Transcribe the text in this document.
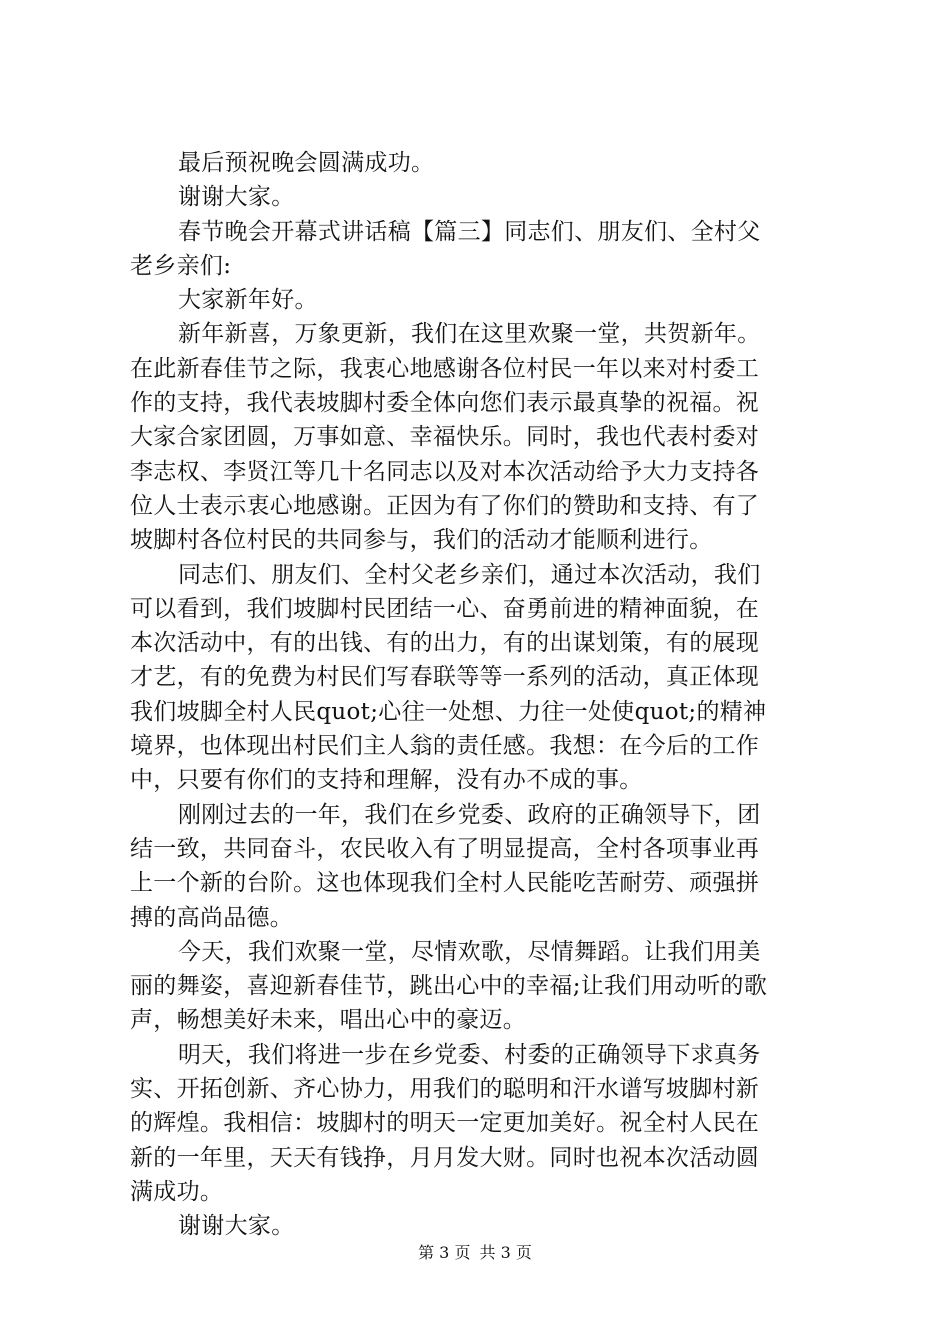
最后预祝晚会圆满成功。
谢谢大家。
春节晚会开幕式讲话稿【篇三】同志们、朋友们、全村父
老乡亲们:
大家新年好。
新年新喜，万象更新，我们在这里欢聚一堂，共贺新年。
在此新春佳节之际，我衷心地感谢各位村民一年以来对村委工
作的支持，我代表坡脚村委全体向您们表示最真挚的祝福。祝
大家合家团圆，万事如意、幸福快乐。同时，我也代表村委对
李志权、李贤江等几十名同志以及对本次活动给予大力支持各
位人士表示衷心地感谢。正因为有了你们的赞助和支持、有了
坡脚村各位村民的共同参与，我们的活动才能顺利进行。
同志们、朋友们、全村父老乡亲们，通过本次活动，我们
可以看到，我们坡脚村民团结一心、奋勇前进的精神面貌，在
本次活动中，有的出钱、有的出力，有的出谋划策，有的展现
才艺，有的免费为村民们写春联等等一系列的活动，真正体现
我们坡脚全村人民quot;心往一处想、力往一处使quot;的精神
境界，也体现出村民们主人翁的责任感。我想：在今后的工作
中，只要有你们的支持和理解，没有办不成的事。
刚刚过去的一年，我们在乡党委、政府的正确领导下，团
结一致，共同奋斗，农民收入有了明显提高，全村各项事业再
上一个新的台阶。这也体现我们全村人民能吃苦耐劳、顽强拼
搏的高尚品德。
今天，我们欢聚一堂，尽情欢歌，尽情舞蹈。让我们用美
丽的舞姿，喜迎新春佳节，跳出心中的幸福;让我们用动听的歌
声，畅想美好未来，唱出心中的豪迈。
明天，我们将进一步在乡党委、村委的正确领导下求真务
实、开拓创新、齐心协力，用我们的聪明和汗水谱写坡脚村新
的辉煌。我相信：坡脚村的明天一定更加美好。祝全村人民在
新的一年里，天天有钱挣，月月发大财。同时也祝本次活动圆
满成功。
谢谢大家。
第 3 页 共 3 页
